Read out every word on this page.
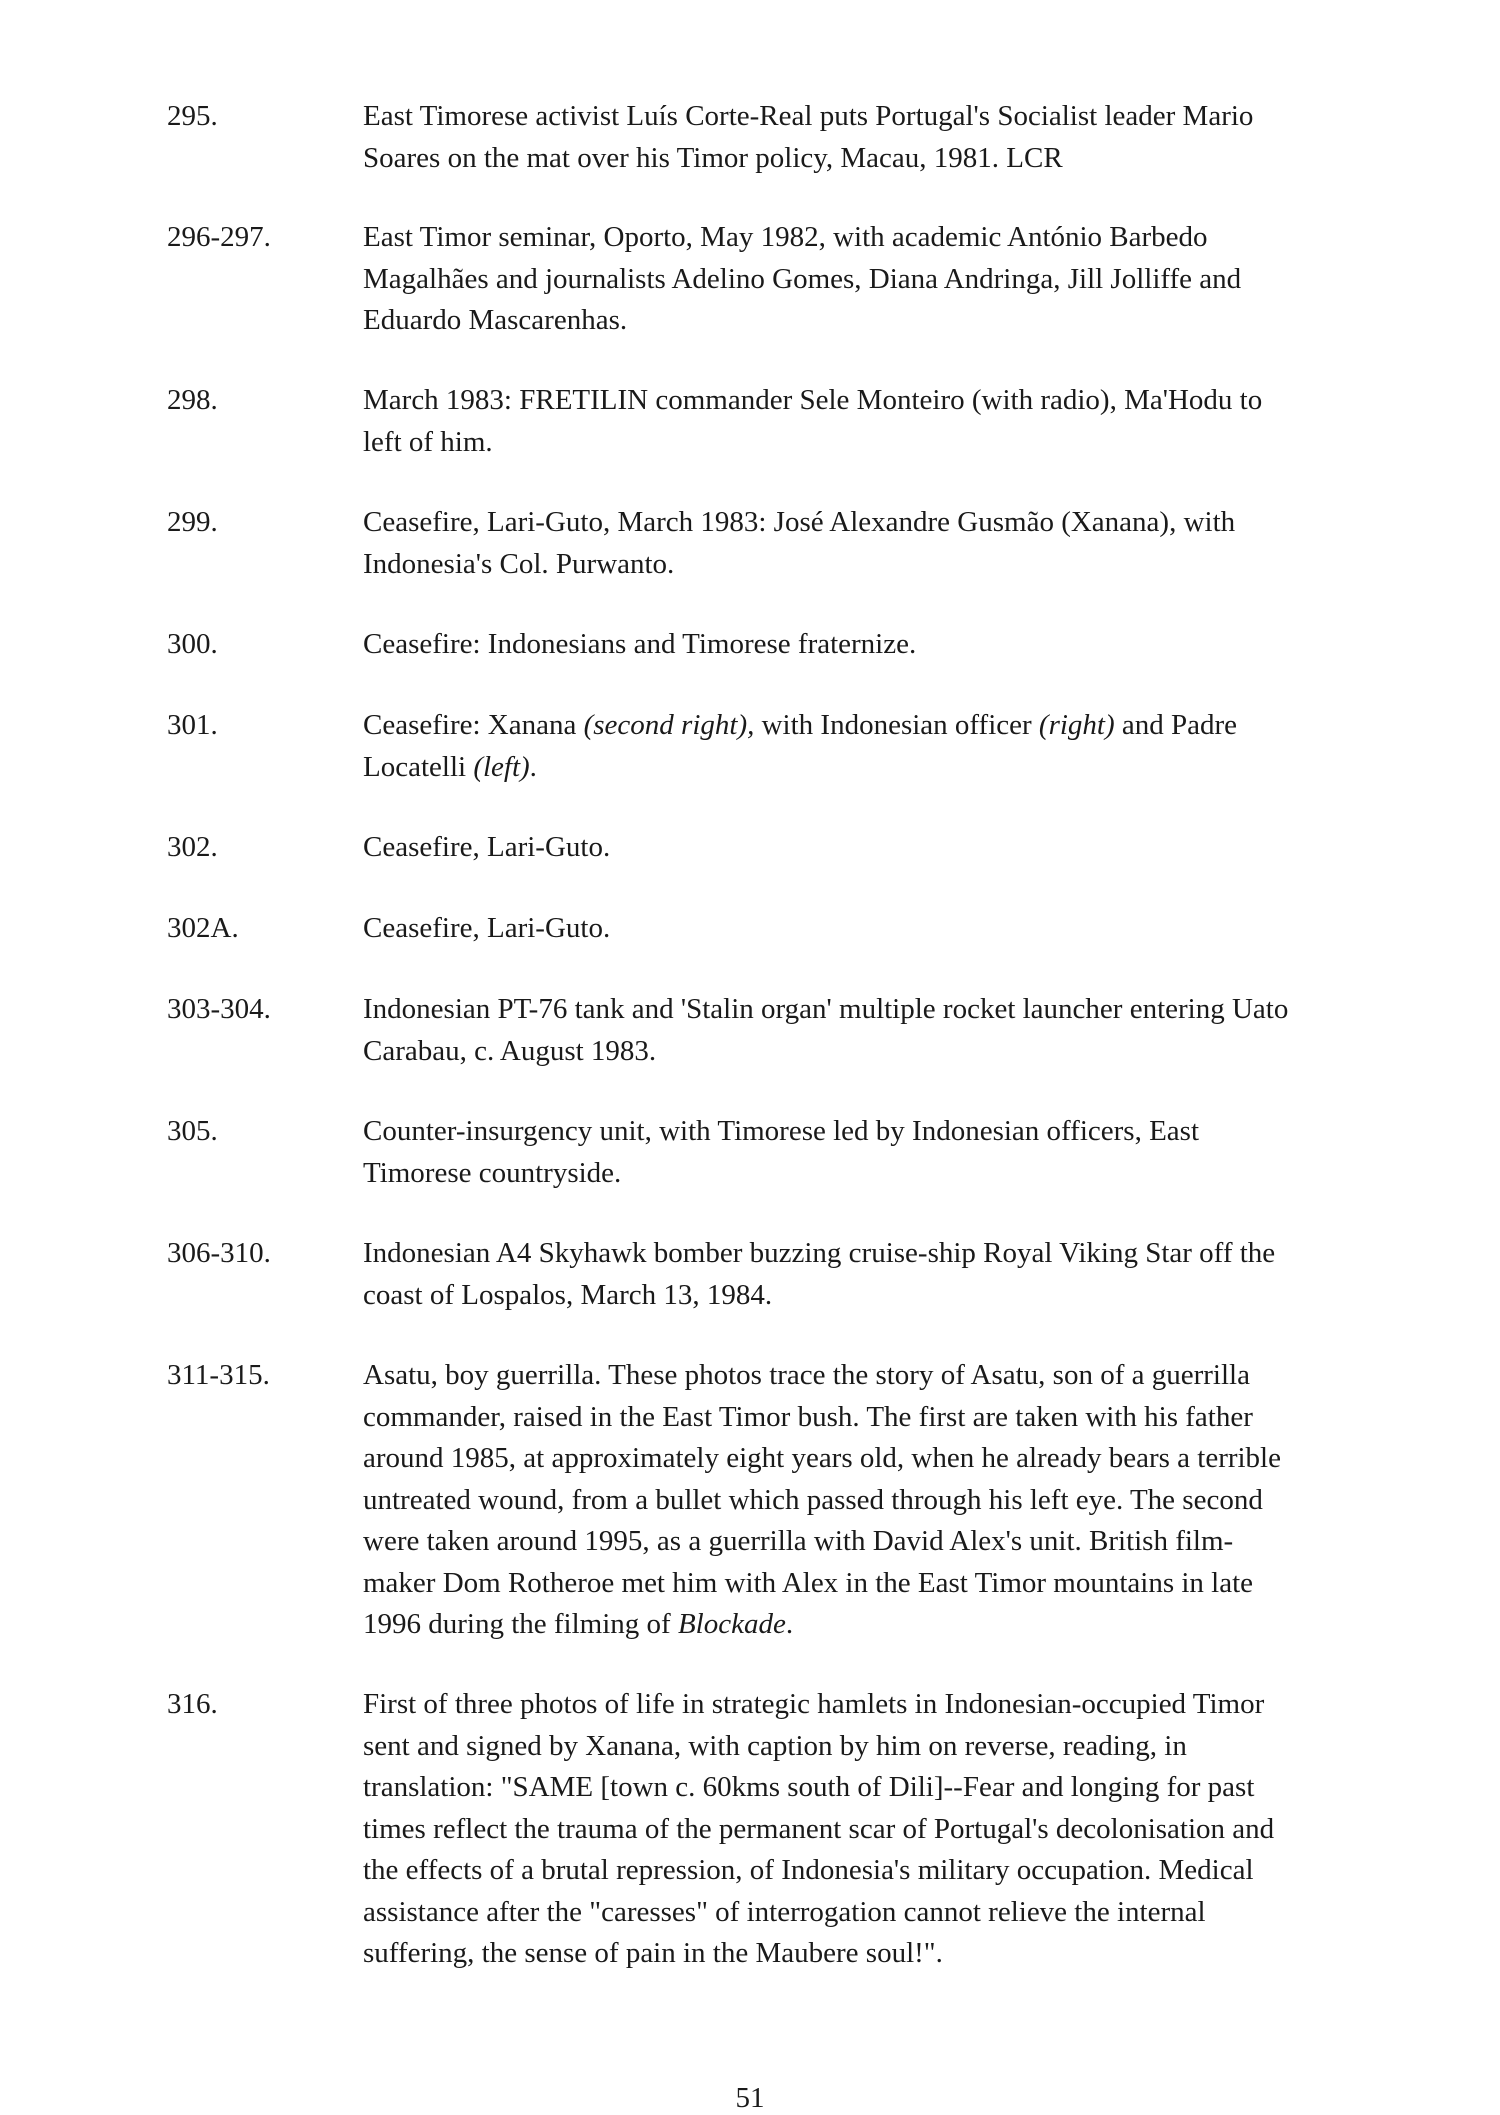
295.	East Timorese activist Luís Corte-Real puts Portugal's Socialist leader Mario
Soares on the mat over his Timor policy, Macau, 1981. LCR
296-297.	East Timor seminar, Oporto, May 1982, with academic António Barbedo
Magalhães and journalists Adelino Gomes, Diana Andringa, Jill Jolliffe and
Eduardo Mascarenhas.
298.	March 1983: FRETILIN commander Sele Monteiro (with radio), Ma'Hodu to
left of him.
299.	Ceasefire, Lari-Guto, March 1983: José Alexandre Gusmão (Xanana), with
Indonesia's Col. Purwanto.
300.	Ceasefire: Indonesians and Timorese fraternize.
301.	Ceasefire: Xanana (second right), with Indonesian officer (right) and Padre
Locatelli (left).
302.	Ceasefire, Lari-Guto.
302A.	Ceasefire, Lari-Guto.
303-304.	Indonesian PT-76 tank and 'Stalin organ' multiple rocket launcher entering Uato
Carabau, c. August 1983.
305.	Counter-insurgency unit, with Timorese led by Indonesian officers, East
Timorese countryside.
306-310.	Indonesian A4 Skyhawk bomber buzzing cruise-ship Royal Viking Star off the
coast of Lospalos, March 13, 1984.
311-315.	Asatu, boy guerrilla. These photos trace the story of Asatu, son of a guerrilla
commander, raised in the East Timor bush. The first are taken with his father
around 1985, at approximately eight years old, when he already bears a terrible
untreated wound, from a bullet which passed through his left eye. The second
were taken around 1995, as a guerrilla with David Alex's unit. British film-
maker Dom Rotheroe met him with Alex in the East Timor mountains in late
1996 during the filming of Blockade.
316.	First of three photos of life in strategic hamlets in Indonesian-occupied Timor
sent and signed by Xanana, with caption by him on reverse, reading, in
translation: "SAME [town c. 60kms south of Dili]--Fear and longing for past
times reflect the trauma of the permanent scar of Portugal's decolonisation and
the effects of a brutal repression, of Indonesia's military occupation. Medical
assistance after the "caresses" of interrogation cannot relieve the internal
suffering, the sense of pain in the Maubere soul!".
51
